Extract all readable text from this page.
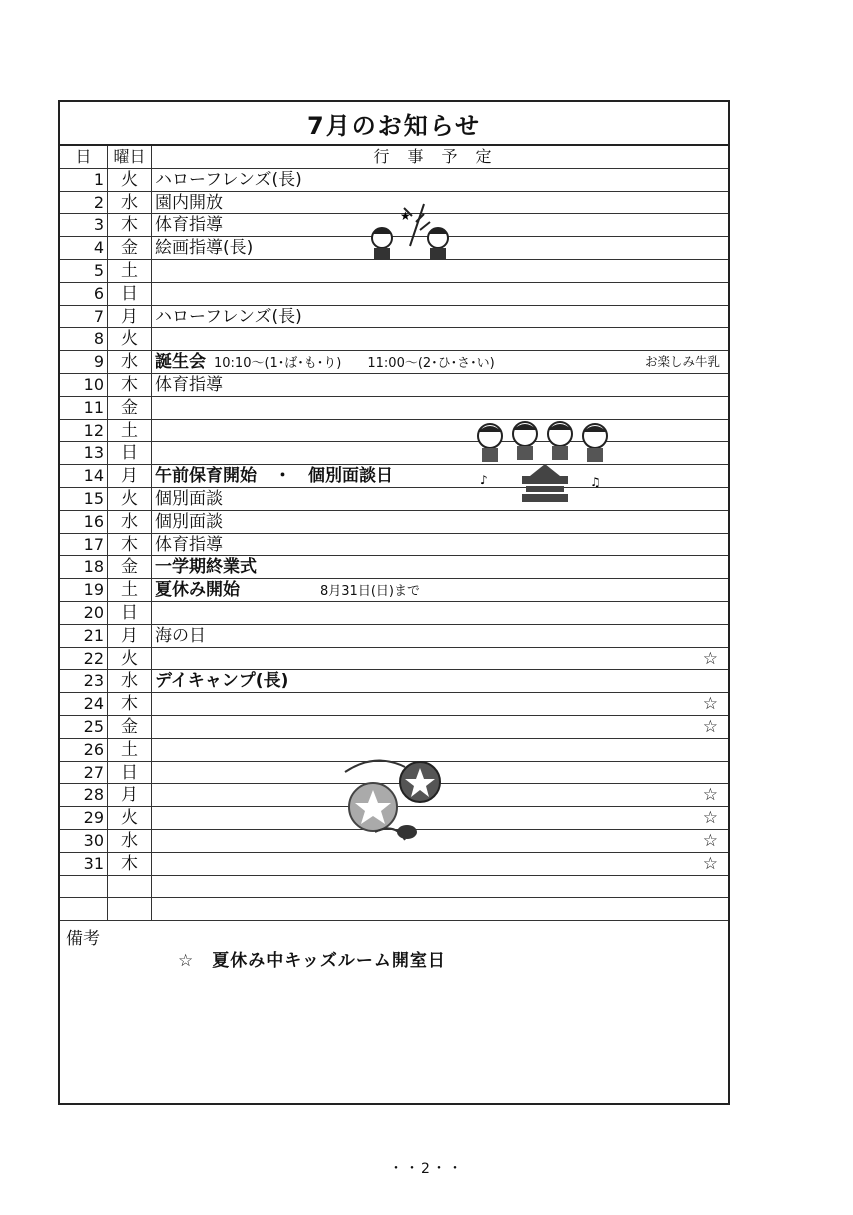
7月のお知らせ
日	曜日	行事予定
1	火	ハローフレンズ(長)
2	水	園内開放
3	木	体育指導
4	金	絵画指導(長)
5	土
6	日
7	月	ハローフレンズ(長)
8	火
9	水	誕生会 10:10～(1･ば･も･り)　　11:00～(2･ひ･さ･い)	お楽しみ牛乳
10	木	体育指導
11	金
12	土
13	日
14	月	午前保育開始　・　個別面談日
15	火	個別面談
16	水	個別面談
17	木	体育指導
18	金	一学期終業式
19	土	夏休み開始	8月31日(日)まで
20	日
21	月	海の日
22	火	☆
23	水	デイキャンプ(長)
24	木	☆
25	金	☆
26	土
27	日
28	月	☆
29	火	☆
30	水	☆
31	木	☆
備考
☆　夏休み中キッズルーム開室日
★
♪	♫
・・2・・
